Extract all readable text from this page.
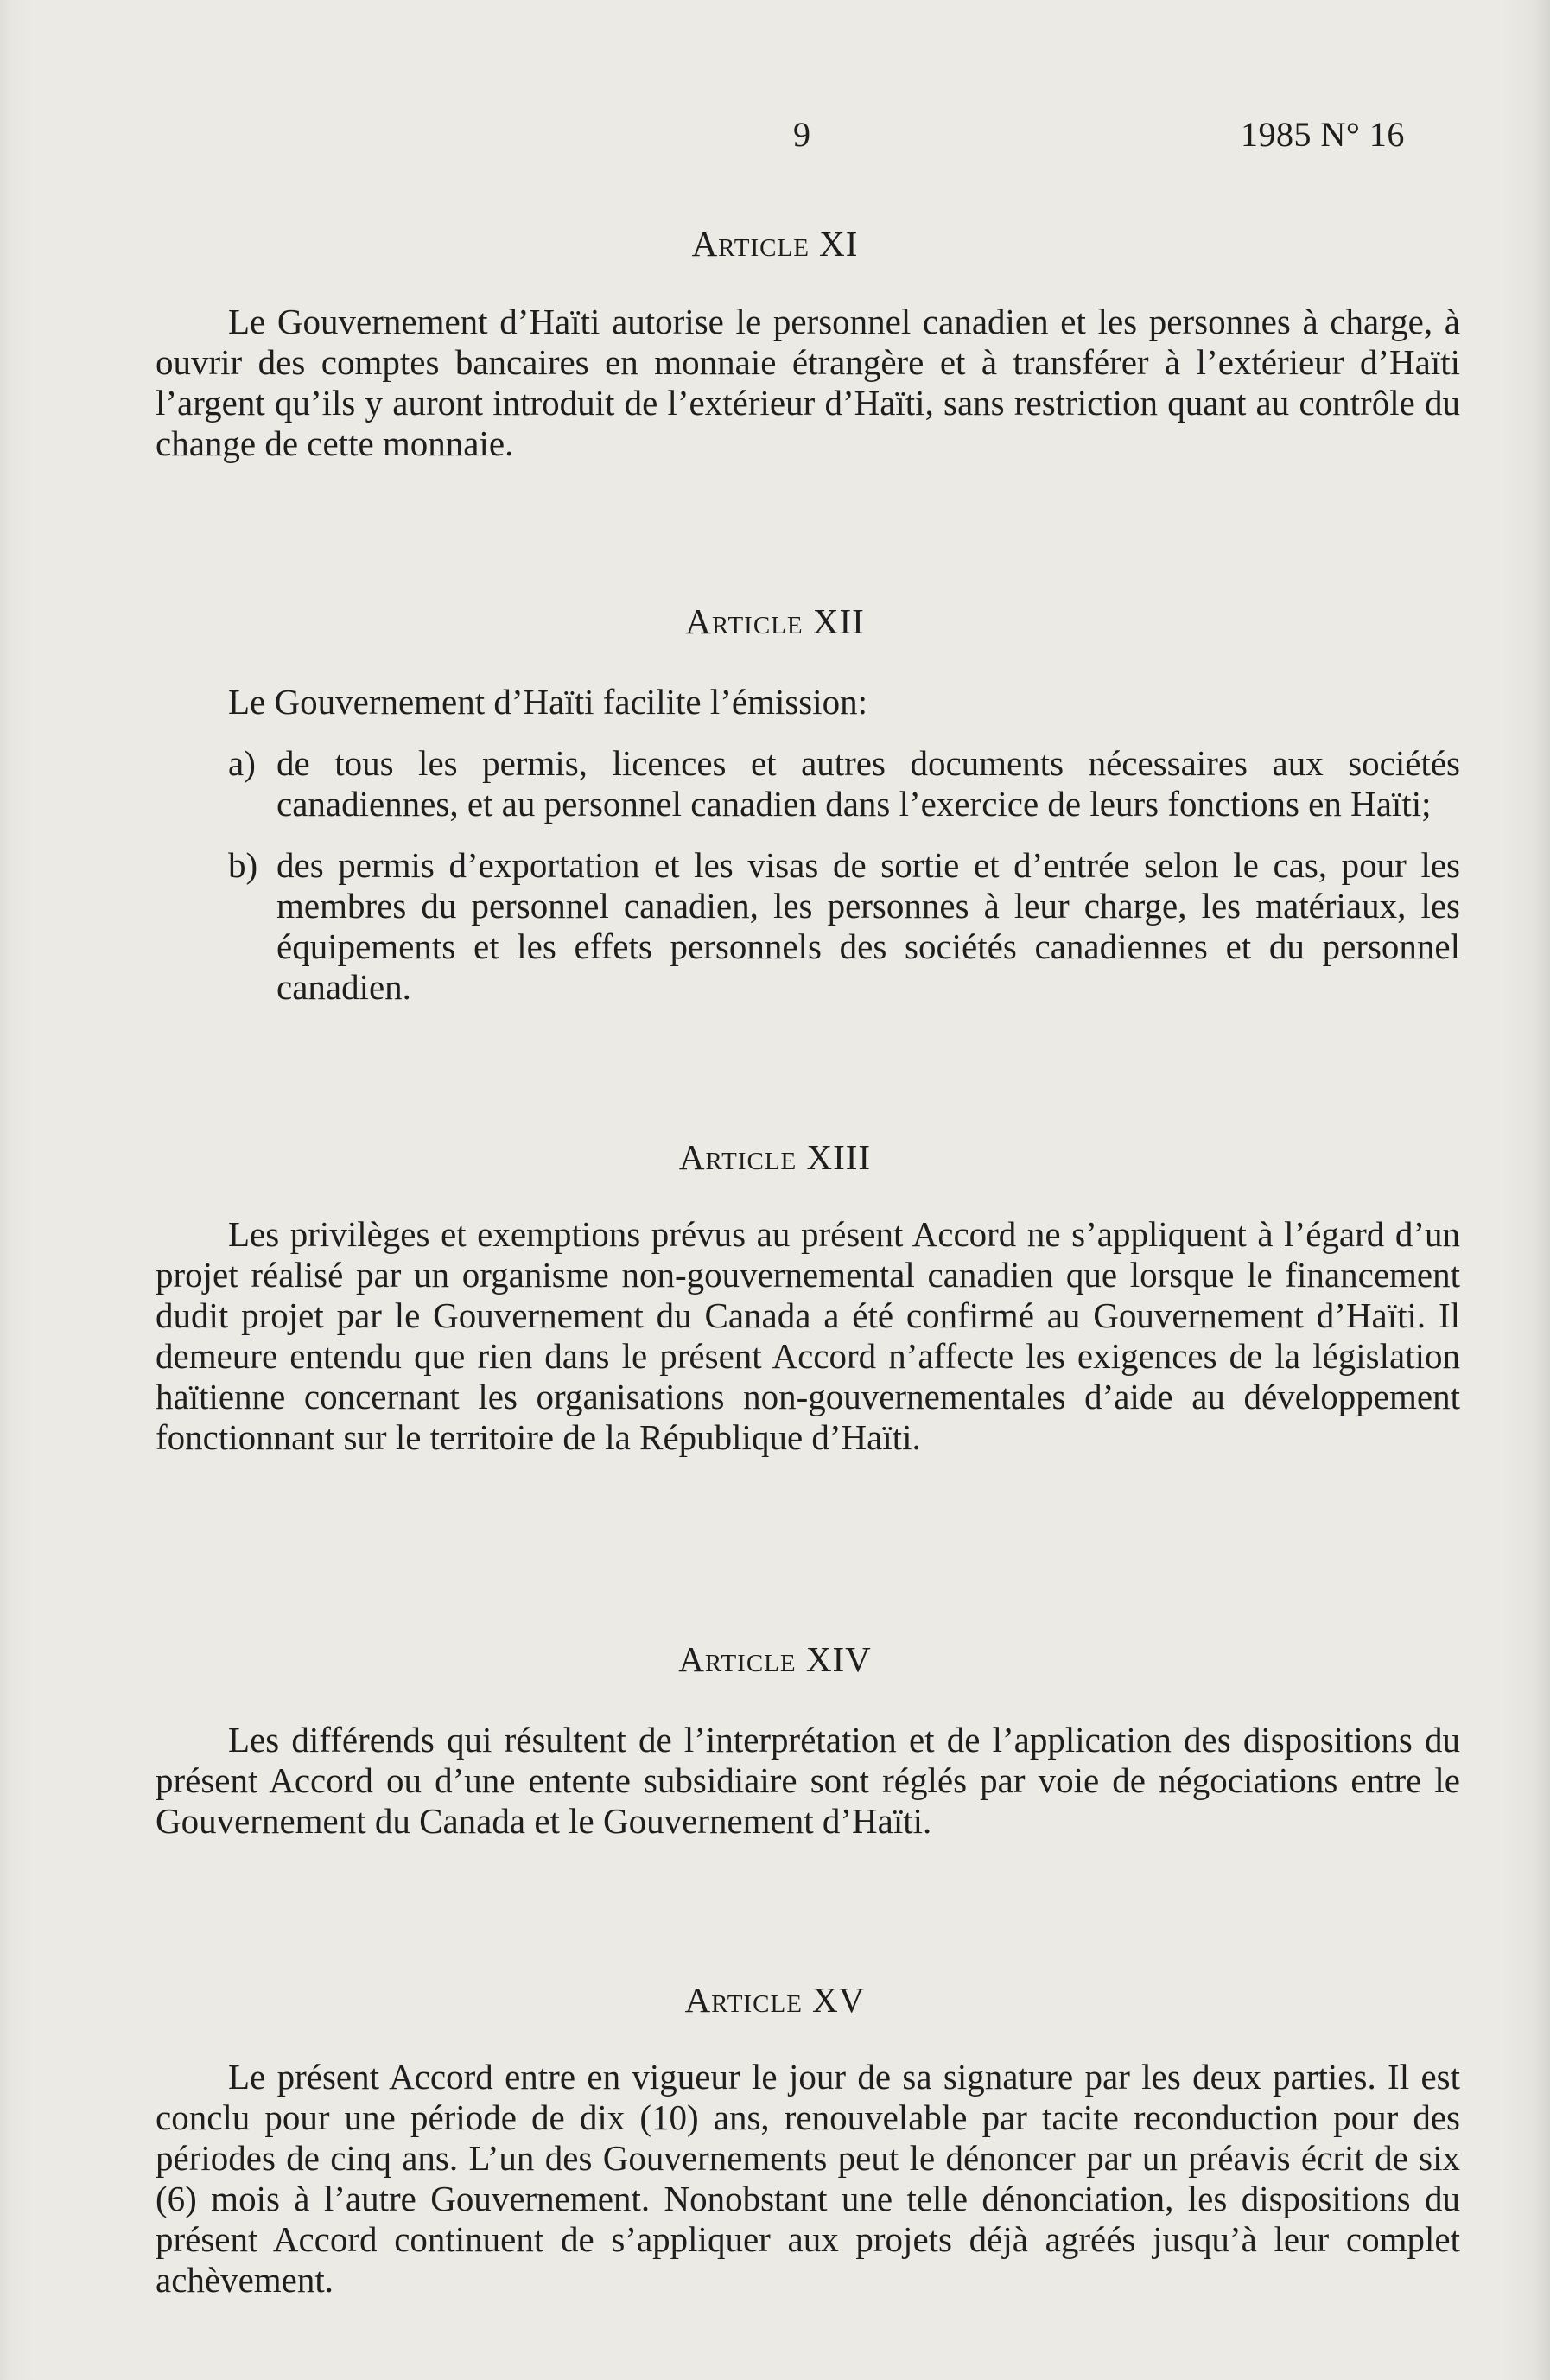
9	1985 N° 16
Article XI

Le Gouvernement d’Haïti autorise le personnel canadien et les personnes à charge, à ouvrir des comptes bancaires en monnaie étrangère et à transférer à l’extérieur d’Haïti l’argent qu’ils y auront introduit de l’extérieur d’Haïti, sans restriction quant au contrôle du change de cette monnaie.

Article XII

Le Gouvernement d’Haïti facilite l’émission:

a) de tous les permis, licences et autres documents nécessaires aux sociétés canadiennes, et au personnel canadien dans l’exercice de leurs fonctions en Haïti;
b) des permis d’exportation et les visas de sortie et d’entrée selon le cas, pour les membres du personnel canadien, les personnes à leur charge, les matériaux, les équipements et les effets personnels des sociétés canadiennes et du personnel canadien.
Article XIII

Les privilèges et exemptions prévus au présent Accord ne s’appliquent à l’égard d’un projet réalisé par un organisme non-gouvernemental canadien que lorsque le financement dudit projet par le Gouvernement du Canada a été confirmé au Gouvernement d’Haïti. Il demeure entendu que rien dans le présent Accord n’affecte les exigences de la législation haïtienne concernant les organisations non-gouvernementales d’aide au développement fonctionnant sur le territoire de la République d’Haïti.

Article XIV

Les différends qui résultent de l’interprétation et de l’application des dispositions du présent Accord ou d’une entente subsidiaire sont réglés par voie de négociations entre le Gouvernement du Canada et le Gouvernement d’Haïti.

Article XV

Le présent Accord entre en vigueur le jour de sa signature par les deux parties. Il est conclu pour une période de dix (10) ans, renouvelable par tacite reconduction pour des périodes de cinq ans. L’un des Gouvernements peut le dénoncer par un préavis écrit de six (6) mois à l’autre Gouvernement. Nonobstant une telle dénonciation, les dispositions du présent Accord continuent de s’appliquer aux projets déjà agréés jusqu’à leur complet achèvement.
